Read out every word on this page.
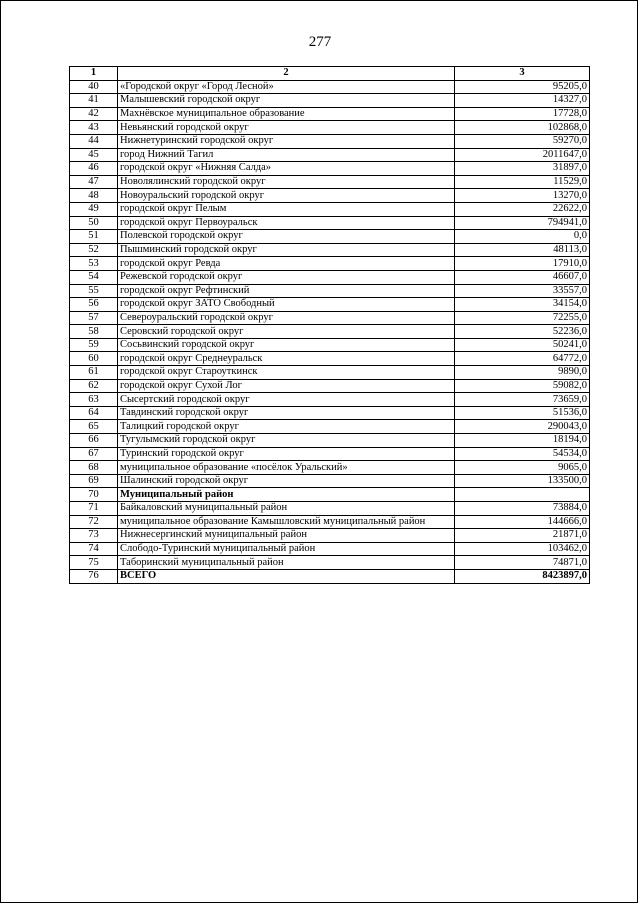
277
1	2	3
40	«Городской округ «Город Лесной»	95205,0
41	Малышевский городской округ	14327,0
42	Махнёвское муниципальное образование	17728,0
43	Невьянский городской округ	102868,0
44	Нижнетуринский городской округ	59270,0
45	город Нижний Тагил	2011647,0
46	городской округ «Нижняя Салда»	31897,0
47	Новолялинский городской округ	11529,0
48	Новоуральский городской округ	13270,0
49	городской округ Пелым	22622,0
50	городской округ Первоуральск	794941,0
51	Полевской городской округ	0,0
52	Пышминский городской округ	48113,0
53	городской округ Ревда	17910,0
54	Режевской городской округ	46607,0
55	городской округ Рефтинский	33557,0
56	городской округ ЗАТО Свободный	34154,0
57	Североуральский городской округ	72255,0
58	Серовский городской округ	52236,0
59	Сосьвинский городской округ	50241,0
60	городской округ Среднеуральск	64772,0
61	городской округ Староуткинск	9890,0
62	городской округ Сухой Лог	59082,0
63	Сысертский городской округ	73659,0
64	Тавдинский городской округ	51536,0
65	Талицкий городской округ	290043,0
66	Тугулымский городской округ	18194,0
67	Туринский городской округ	54534,0
68	муниципальное образование «посёлок Уральский»	9065,0
69	Шалинский городской округ	133500,0
70	Муниципальный район	
71	Байкаловский муниципальный район	73884,0
72	муниципальное образование Камышловский муниципальный район	144666,0
73	Нижнесергинский муниципальный район	21871,0
74	Слободо-Туринский муниципальный район	103462,0
75	Таборинский муниципальный район	74871,0
76	ВСЕГО	8423897,0
